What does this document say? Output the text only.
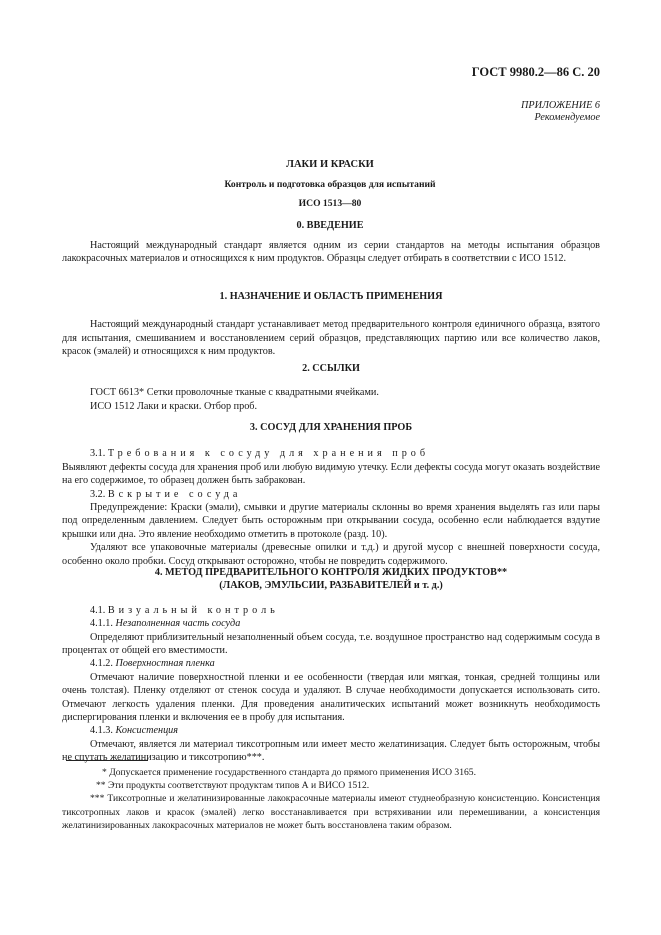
ГОСТ 9980.2—86 С. 20
ПРИЛОЖЕНИЕ 6
Рекомендуемое
ЛАКИ И КРАСКИ
Контроль и подготовка образцов для испытаний
ИСО 1513—80
0. ВВЕДЕНИЕ

Настоящий международный стандарт является одним из серии стандартов на методы испытания образцов лакокрасочных материалов и относящихся к ним продуктов. Образцы следует отбирать в соответствии с ИСО 1512.

1. НАЗНАЧЕНИЕ И ОБЛАСТЬ ПРИМЕНЕНИЯ

Настоящий международный стандарт устанавливает метод предварительного контроля единичного образца, взятого для испытания, смешиванием и восстановлением серий образцов, представляющих партию или все количество лаков, красок (эмалей) и относящихся к ним продуктов.

2. ССЫЛКИ

ГОСТ 6613* Сетки проволочные тканые с квадратными ячейками.

ИСО 1512 Лаки и краски. Отбор проб.

3. СОСУД ДЛЯ ХРАНЕНИЯ ПРОБ

3.1. Требования к сосуду для хранения проб

Выявляют дефекты сосуда для хранения проб или любую видимую утечку. Если дефекты сосуда могут оказать воздействие на его содержимое, то образец должен быть забракован.

3.2. Вскрытие сосуда

Предупреждение: Краски (эмали), смывки и другие материалы склонны во время хранения выделять газ или пары под определенным давлением. Следует быть осторожным при открывании сосуда, особенно если наблюдается вздутие крышки или дна. Это явление необходимо отметить в протоколе (разд. 10).

Удаляют все упаковочные материалы (древесные опилки и т.д.) и другой мусор с внешней поверхности сосуда, особенно около пробки. Сосуд открывают осторожно, чтобы не повредить содержимого.

4. МЕТОД ПРЕДВАРИТЕЛЬНОГО КОНТРОЛЯ ЖИДКИХ ПРОДУКТОВ**

(ЛАКОВ, ЭМУЛЬСИИ, РАЗБАВИТЕЛЕЙ и т. д.)

4.1. Визуальный контроль

4.1.1. Незаполненная часть сосуда

Определяют приблизительный незаполненный объем сосуда, т.е. воздушное пространство над содержимым сосуда в процентах от общей его вместимости.

4.1.2. Поверхностная пленка

Отмечают наличие поверхностной пленки и ее особенности (твердая или мягкая, тонкая, средней толщины или очень толстая). Пленку отделяют от стенок сосуда и удаляют. В случае необходимости допускается использовать сито. Отмечают легкость удаления пленки. Для проведения аналитических испытаний может возникнуть необходимость диспергирования пленки и включения ее в пробу для испытания.

4.1.3. Консистенция

Отмечают, является ли материал тиксотропным или имеет место желатинизация. Следует быть осторожным, чтобы не спутать желатинизацию и тиксотропию***.

* Допускается применение государственного стандарта до прямого применения ИСО 3165.

** Эти продукты соответствуют продуктам типов А и ВИСО 1512.

*** Тиксотропные и желатинизированные лакокрасочные материалы имеют студнеобразную консистенцию. Консистенция тиксотропных лаков и красок (эмалей) легко восстанавливается при встряхивании или перемешивании, а консистенция желатинизированных лакокрасочных материалов не может быть восстановлена таким образом.
